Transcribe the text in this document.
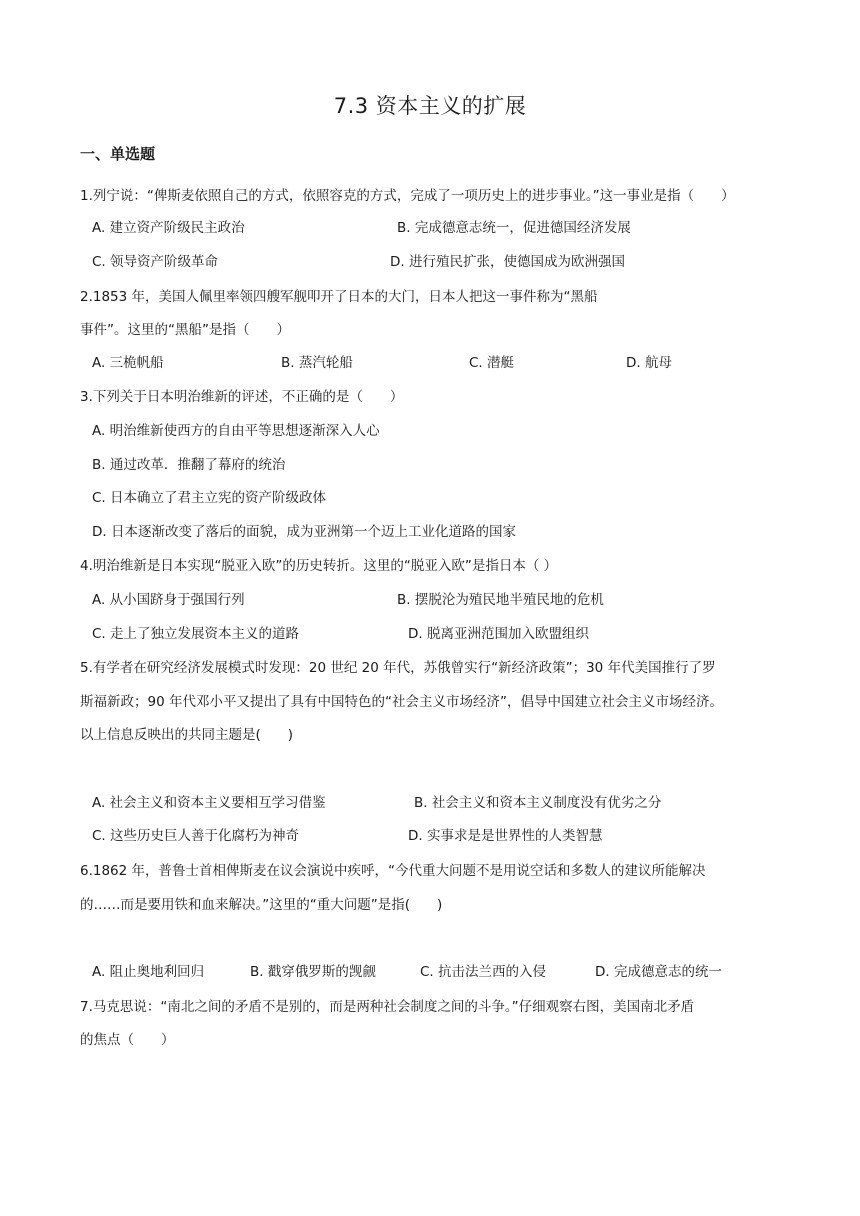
7.3 资本主义的扩展
一、单选题
1.列宁说：“俾斯麦依照自己的方式，依照容克的方式，完成了一项历史上的进步事业。”这一事业是指（　　）
A. 建立资产阶级民主政治	B. 完成德意志统一，促进德国经济发展
C. 领导资产阶级革命	D. 进行殖民扩张，使德国成为欧洲强国
2.1853 年，美国人佩里率领四艘军舰叩开了日本的大门，日本人把这一事件称为“黑船
事件”。这里的“黑船”是指（　　）
A. 三桅帆船	B. 蒸汽轮船	C. 潜艇	D. 航母
3.下列关于日本明治维新的评述，不正确的是（　　）
A. 明治维新使西方的自由平等思想逐渐深入人心
B. 通过改革．推翻了幕府的统治
C. 日本确立了君主立宪的资产阶级政体
D. 日本逐渐改变了落后的面貌，成为亚洲第一个迈上工业化道路的国家
4.明治维新是日本实现“脱亚入欧”的历史转折。这里的“脱亚入欧”是指日本（ ）
A. 从小国跻身于强国行列	B. 摆脱沦为殖民地半殖民地的危机
C. 走上了独立发展资本主义的道路	D. 脱离亚洲范围加入欧盟组织
5.有学者在研究经济发展模式时发现：20 世纪 20 年代，苏俄曾实行“新经济政策”；30 年代美国推行了罗
斯福新政；90 年代邓小平又提出了具有中国特色的“社会主义市场经济”，倡导中国建立社会主义市场经济。
以上信息反映出的共同主题是(　　)
A. 社会主义和资本主义要相互学习借鉴	B. 社会主义和资本主义制度没有优劣之分
C. 这些历史巨人善于化腐朽为神奇	D. 实事求是是世界性的人类智慧
6.1862 年，普鲁士首相俾斯麦在议会演说中疾呼，“今代重大问题不是用说空话和多数人的建议所能解决
的……而是要用铁和血来解决。”这里的“重大问题”是指(　　)
A. 阻止奥地利回归	B. 戳穿俄罗斯的觊觎	C. 抗击法兰西的入侵	D. 完成德意志的统一
7.马克思说：“南北之间的矛盾不是别的，而是两种社会制度之间的斗争。”仔细观察右图，美国南北矛盾
的焦点（　　）
